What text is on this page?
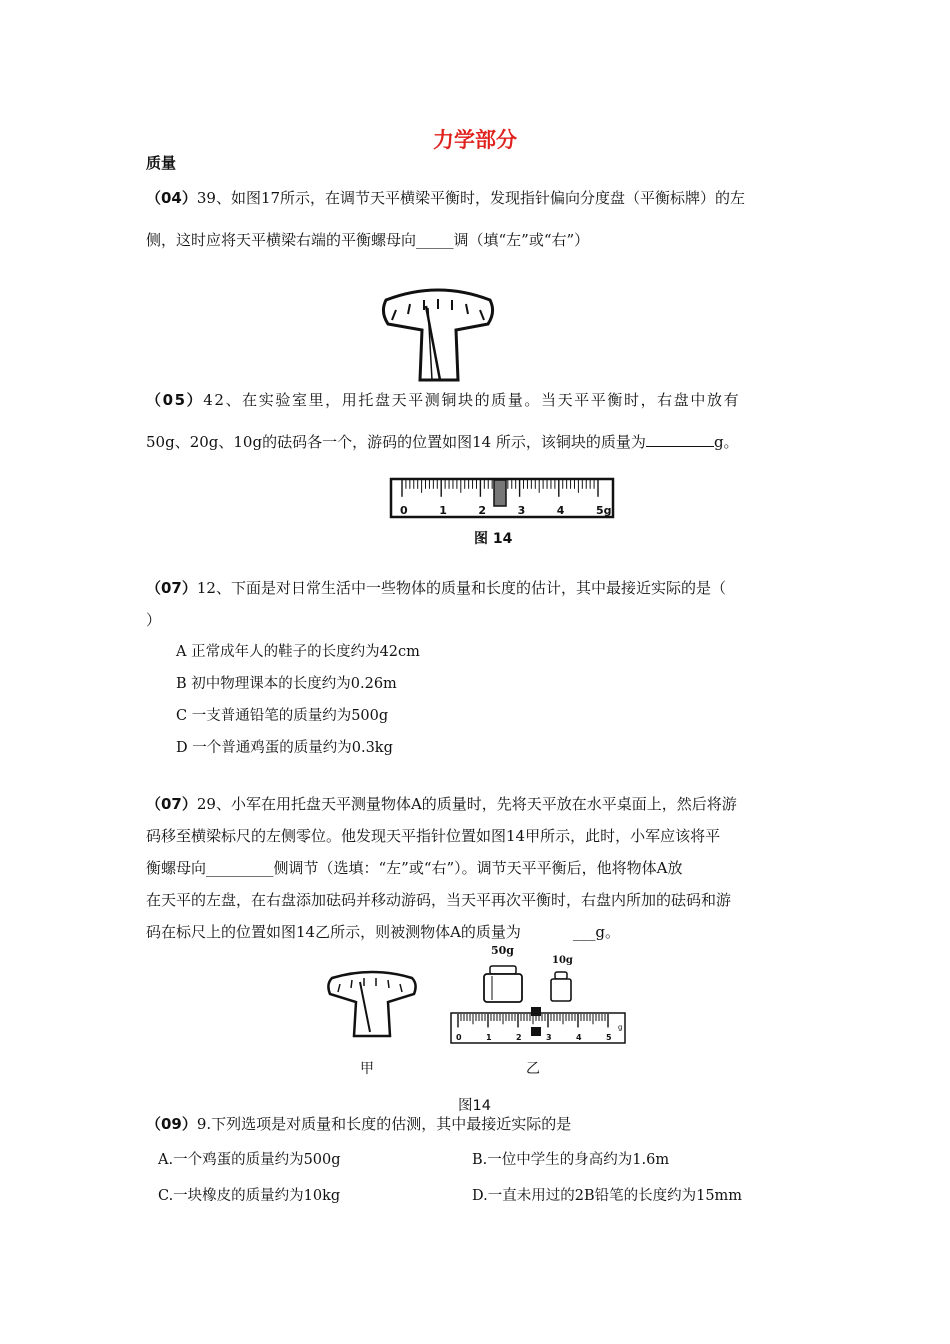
力学部分
质量
（04）39、如图17所示，在调节天平横梁平衡时，发现指针偏向分度盘（平衡标牌）的左
侧，这时应将天平横梁右端的平衡螺母向_____调（填“左”或“右”）
（05）42、在实验室里，用托盘天平测铜块的质量。当天平平衡时，右盘中放有
50g、20g、10g的砝码各一个，游码的位置如图14 所示，该铜块的质量为	g。
0	1	2	3	4	5g
图 14
（07）12、下面是对日常生活中一些物体的质量和长度的估计，其中最接近实际的是（
）
A 正常成年人的鞋子的长度约为42cm
B 初中物理课本的长度约为0.26m
C 一支普通铅笔的质量约为500g
D 一个普通鸡蛋的质量约为0.3kg
（07）29、小军在用托盘天平测量物体A的质量时，先将天平放在水平桌面上，然后将游
码移至横梁标尺的左侧零位。他发现天平指针位置如图14甲所示，此时，小军应该将平
衡螺母向_________侧调节（选填：“左”或“右”）。调节天平平衡后，他将物体A放
在天平的左盘，在右盘添加砝码并移动游码，当天平再次平衡时，右盘内所加的砝码和游
码在标尺上的位置如图14乙所示，则被测物体A的质量为	___g。
甲
50g
10g
0	1	2	3	4	5
g
乙
图14
（09）9.下列选项是对质量和长度的估测，其中最接近实际的是
A.一个鸡蛋的质量约为500g	B.一位中学生的身高约为1.6m
C.一块橡皮的质量约为10kg	D.一直未用过的2B铅笔的长度约为15mm
